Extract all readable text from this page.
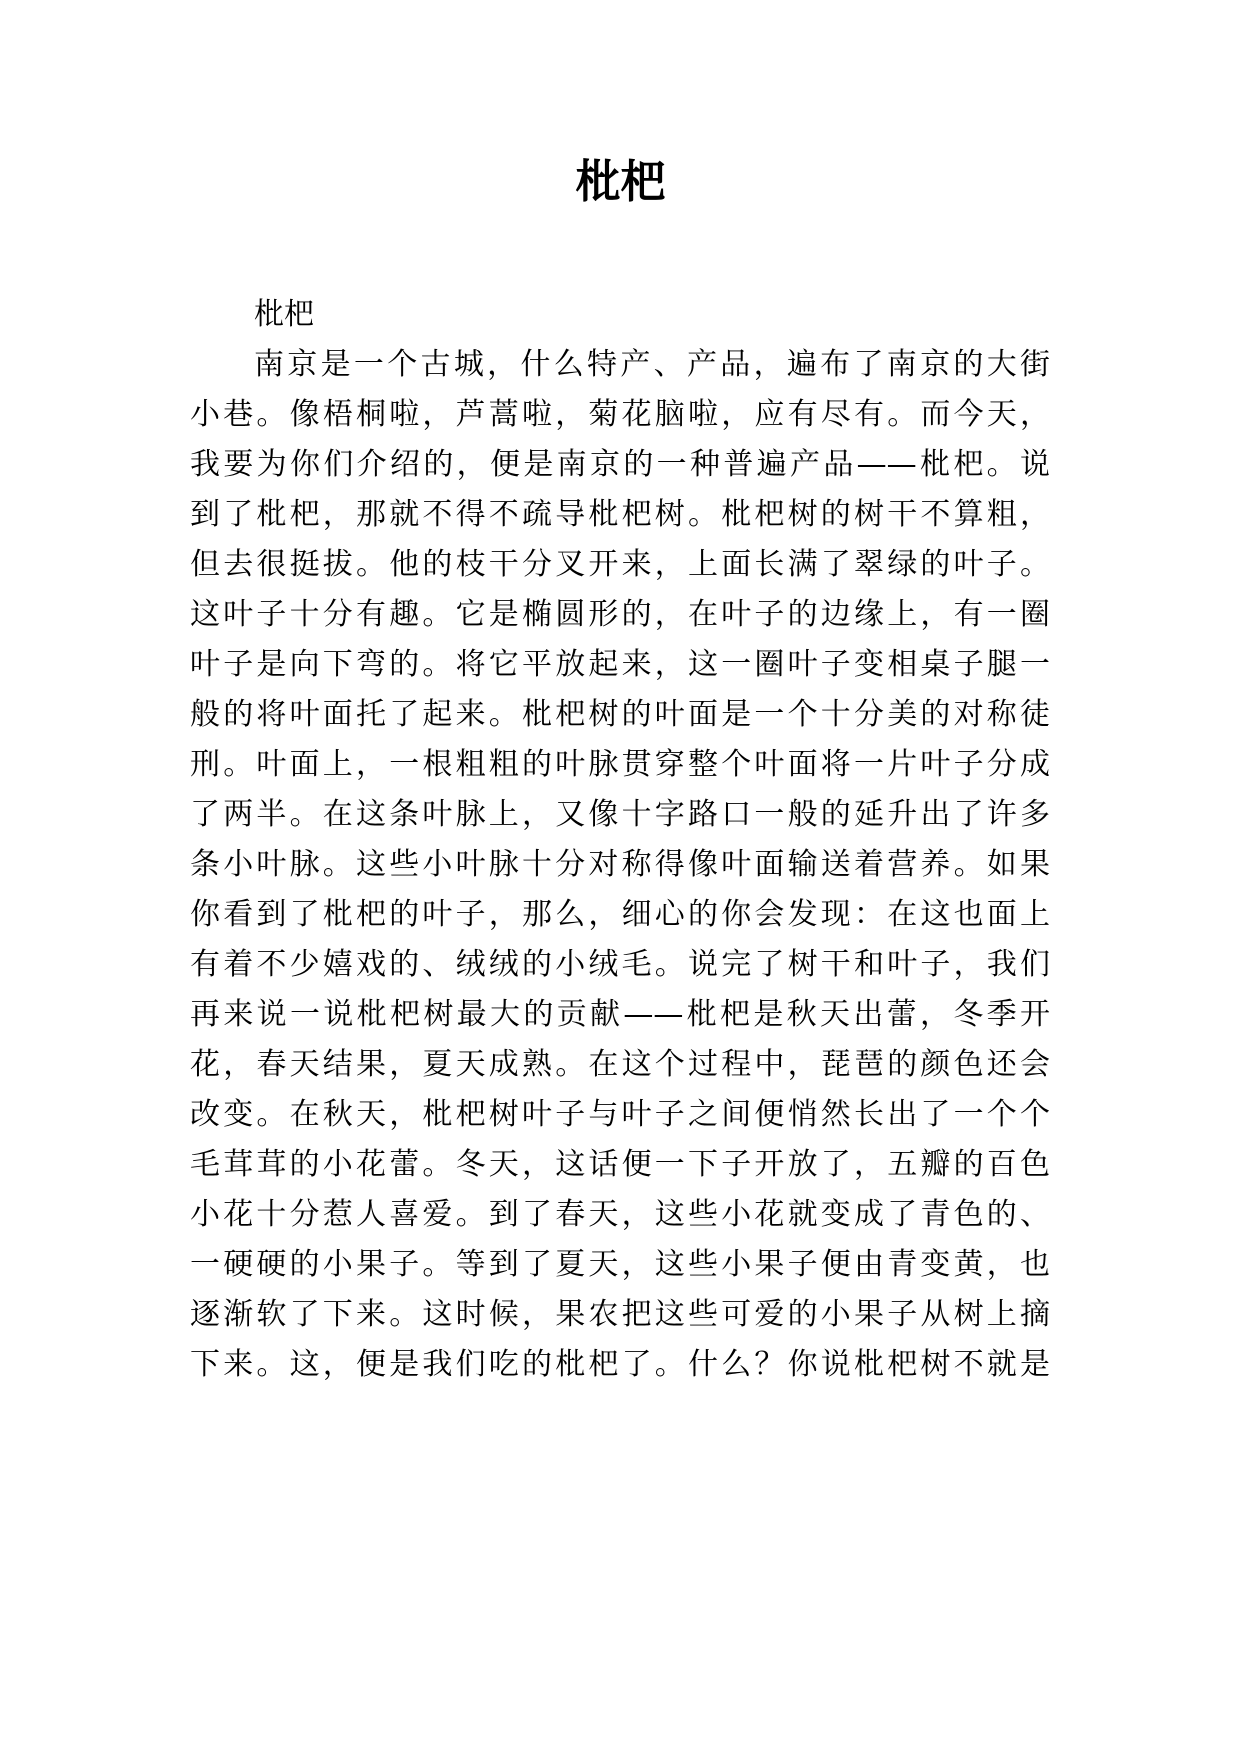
枇杷
枇杷
南京是一个古城，什么特产、产品，遍布了南京的大街
小巷。像梧桐啦，芦蒿啦，菊花脑啦，应有尽有。而今天，
我要为你们介绍的，便是南京的一种普遍产品——枇杷。说
到了枇杷，那就不得不疏导枇杷树。枇杷树的树干不算粗，
但去很挺拔。他的枝干分叉开来，上面长满了翠绿的叶子。
这叶子十分有趣。它是椭圆形的，在叶子的边缘上，有一圈
叶子是向下弯的。将它平放起来，这一圈叶子变相桌子腿一
般的将叶面托了起来。枇杷树的叶面是一个十分美的对称徒
刑。叶面上，一根粗粗的叶脉贯穿整个叶面将一片叶子分成
了两半。在这条叶脉上，又像十字路口一般的延升出了许多
条小叶脉。这些小叶脉十分对称得像叶面输送着营养。如果
你看到了枇杷的叶子，那么，细心的你会发现：在这也面上
有着不少嬉戏的、绒绒的小绒毛。说完了树干和叶子，我们
再来说一说枇杷树最大的贡献——枇杷是秋天出蕾，冬季开
花，春天结果，夏天成熟。在这个过程中，琵琶的颜色还会
改变。在秋天，枇杷树叶子与叶子之间便悄然长出了一个个
毛茸茸的小花蕾。冬天，这话便一下子开放了，五瓣的百色
小花十分惹人喜爱。到了春天，这些小花就变成了青色的、
一硬硬的小果子。等到了夏天，这些小果子便由青变黄，也
逐渐软了下来。这时候，果农把这些可爱的小果子从树上摘
下来。这，便是我们吃的枇杷了。什么？你说枇杷树不就是
